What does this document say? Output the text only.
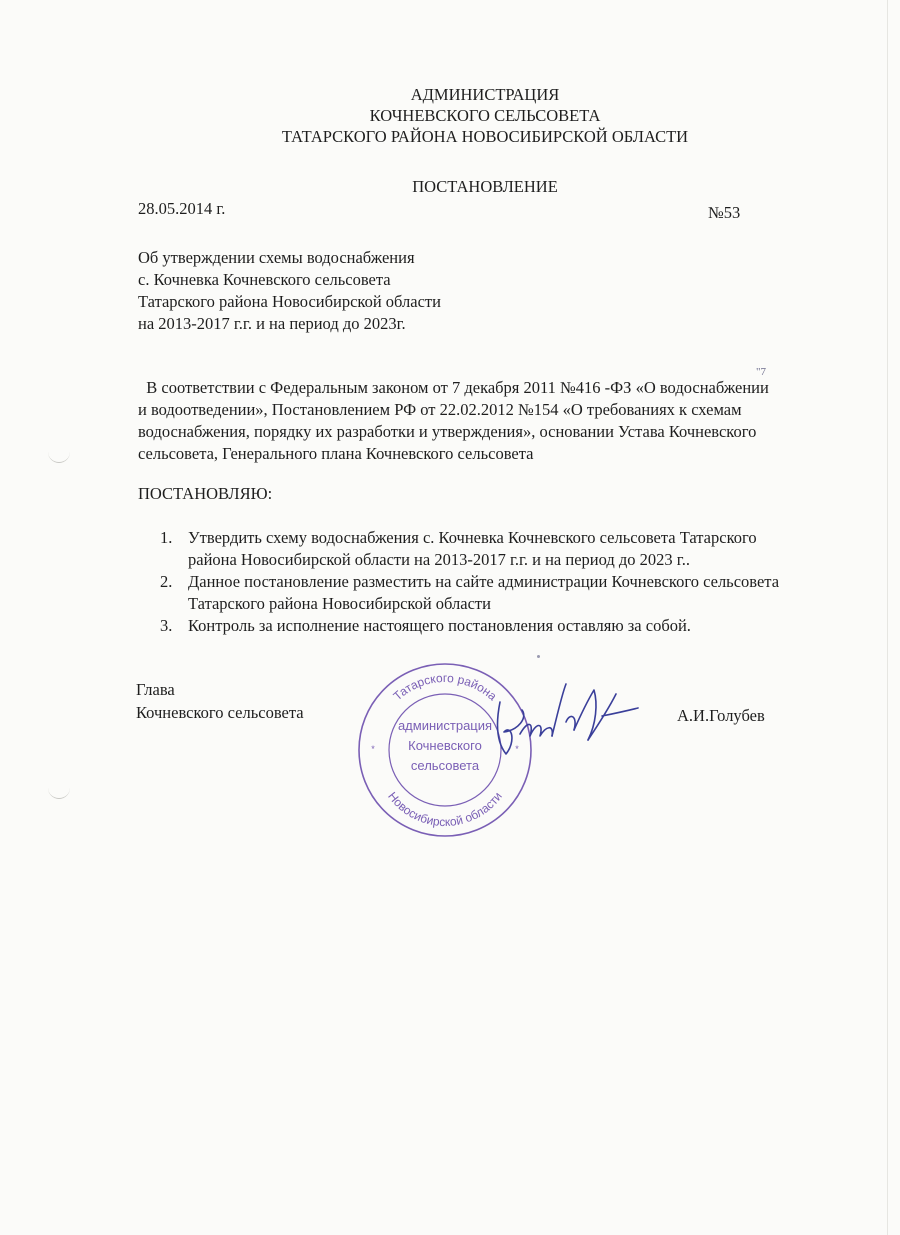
АДМИНИСТРАЦИЯ
КОЧНЕВСКОГО СЕЛЬСОВЕТА
ТАТАРСКОГО РАЙОНА НОВОСИБИРСКОЙ ОБЛАСТИ
ПОСТАНОВЛЕНИЕ
28.05.2014 г.	№53
Об утверждении схемы водоснабжения
с. Кочневка Кочневского сельсовета
Татарского района Новосибирской области
на 2013-2017 г.г. и на период до 2023г.
"7
В соответствии с Федеральным законом от 7 декабря 2011 №416 -ФЗ «О водоснабжении
и водоотведении», Постановлением РФ от 22.02.2012 №154 «О требованиях к схемам
водоснабжения, порядку их разработки и утверждения», основании Устава Кочневского
сельсовета, Генерального плана Кочневского сельсовета
ПОСТАНОВЛЯЮ:
1. Утвердить схему водоснабжения с. Кочневка Кочневского сельсовета Татарского
района Новосибирской области на 2013-2017 г.г. и на период до 2023 г..
2. Данное постановление разместить на сайте администрации Кочневского сельсовета
Татарского района Новосибирской области
3. Контроль за исполнение настоящего постановления оставляю за собой.
Глава
Кочневского сельсовета
Татарского района
Новосибирской области
администрация
Кочневского
сельсовета
*	*
А.И.Голубев
